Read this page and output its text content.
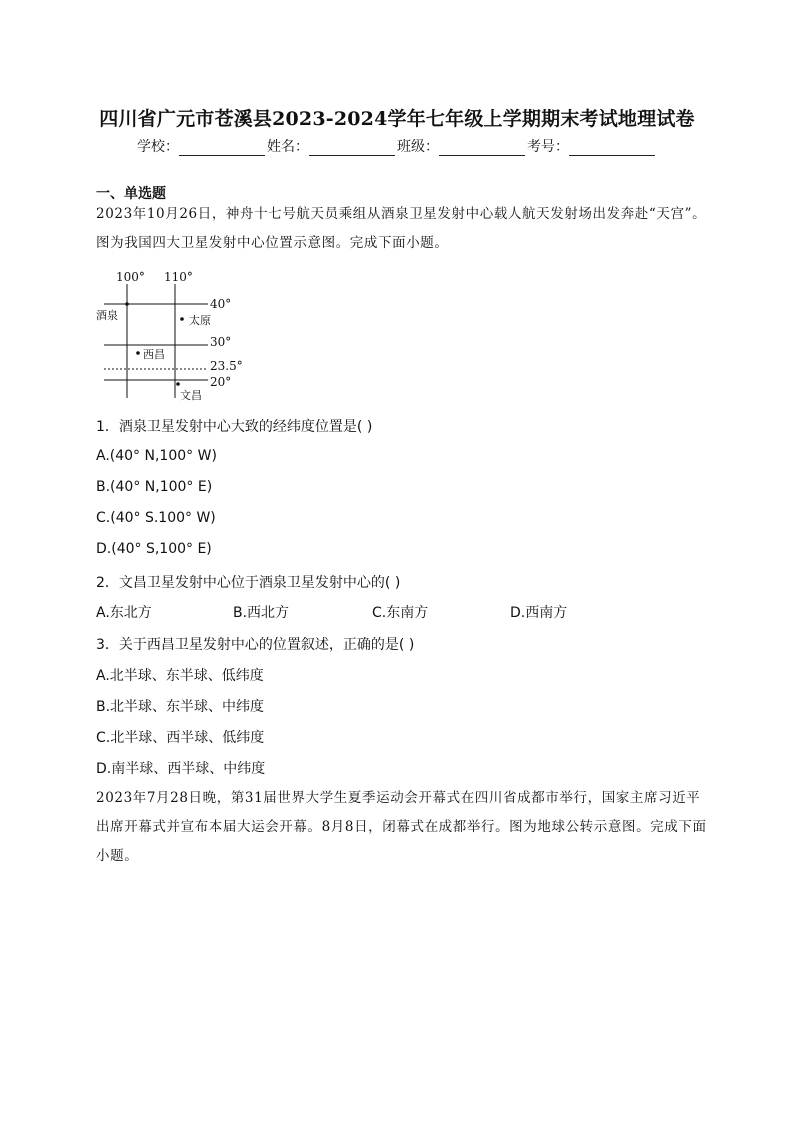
四川省广元市苍溪县2023-2024学年七年级上学期期末考试地理试卷
学校：	姓名：	班级：	考号：
一、单选题

2023年10月26日，神舟十七号航天员乘组从酒泉卫星发射中心载人航天发射场出发奔赴“天宫”。图为我国四大卫星发射中心位置示意图。完成下面小题。

100° 110°
40°
30°
23.5°
20°
酒泉	太原
西昌
文昌
1．酒泉卫星发射中心大致的经纬度位置是( )
A.(40° N,100° W)
B.(40° N,100° E)
C.(40° S.100° W)
D.(40° S,100° E)
2．文昌卫星发射中心位于酒泉卫星发射中心的( )
A.东北方	B.西北方	C.东南方	D.西南方
3．关于西昌卫星发射中心的位置叙述，正确的是( )
A.北半球、东半球、低纬度
B.北半球、东半球、中纬度
C.北半球、西半球、低纬度
D.南半球、西半球、中纬度

2023年7月28日晚，第31届世界大学生夏季运动会开幕式在四川省成都市举行，国家主席习近平出席开幕式并宣布本届大运会开幕。8月8日，闭幕式在成都举行。图为地球公转示意图。完成下面小题。
